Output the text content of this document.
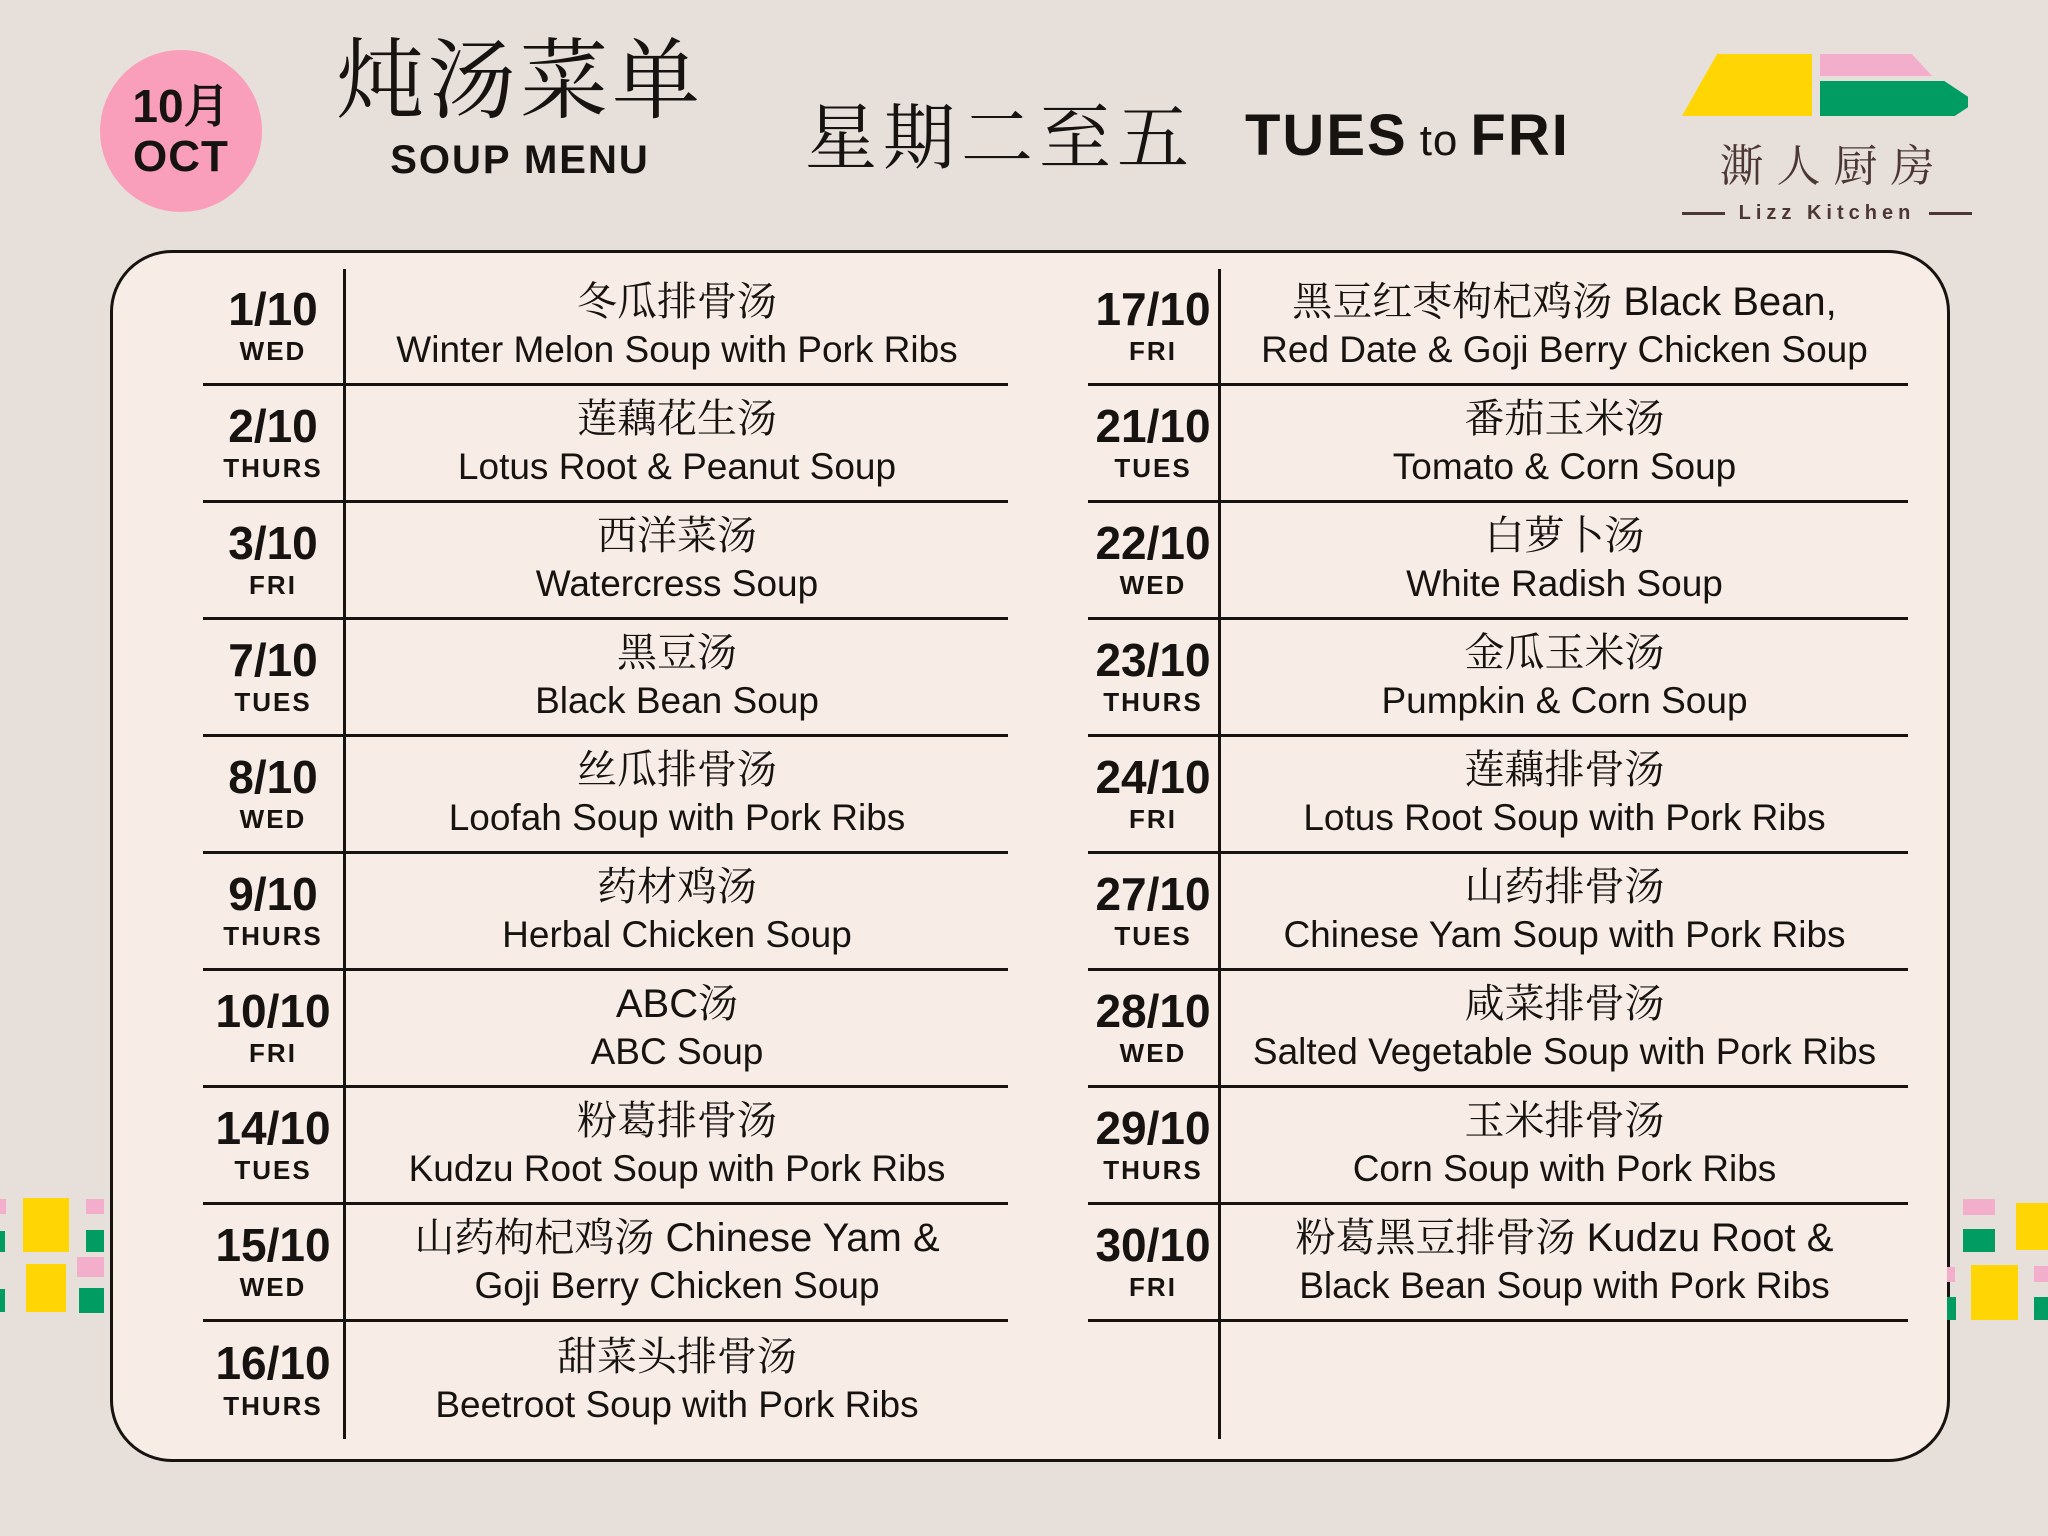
10月
OCT
炖汤菜单
SOUP MENU	星期二至五 TUES to FRI	澌人厨房
Lizz Kitchen
1/10
WED
冬瓜排骨汤
Winter Melon Soup with Pork Ribs
2/10
THURS
莲藕花生汤
Lotus Root & Peanut Soup
3/10
FRI
西洋菜汤
Watercress Soup
7/10
TUES
黑豆汤
Black Bean Soup
8/10
WED
丝瓜排骨汤
Loofah Soup with Pork Ribs
9/10
THURS
药材鸡汤
Herbal Chicken Soup
10/10
FRI
ABC汤
ABC Soup
14/10
TUES
粉葛排骨汤
Kudzu Root Soup with Pork Ribs
15/10
WED
山药枸杞鸡汤 Chinese Yam &
Goji Berry Chicken Soup
16/10
THURS
甜菜头排骨汤
Beetroot Soup with Pork Ribs
17/10
FRI
黑豆红枣枸杞鸡汤 Black Bean,
Red Date & Goji Berry Chicken Soup
21/10
TUES
番茄玉米汤
Tomato & Corn Soup
22/10
WED
白萝卜汤
White Radish Soup
23/10
THURS
金瓜玉米汤
Pumpkin & Corn Soup
24/10
FRI
莲藕排骨汤
Lotus Root Soup with Pork Ribs
27/10
TUES
山药排骨汤
Chinese Yam Soup with Pork Ribs
28/10
WED
咸菜排骨汤
Salted Vegetable Soup with Pork Ribs
29/10
THURS
玉米排骨汤
Corn Soup with Pork Ribs
30/10
FRI
粉葛黑豆排骨汤 Kudzu Root &
Black Bean Soup with Pork Ribs
